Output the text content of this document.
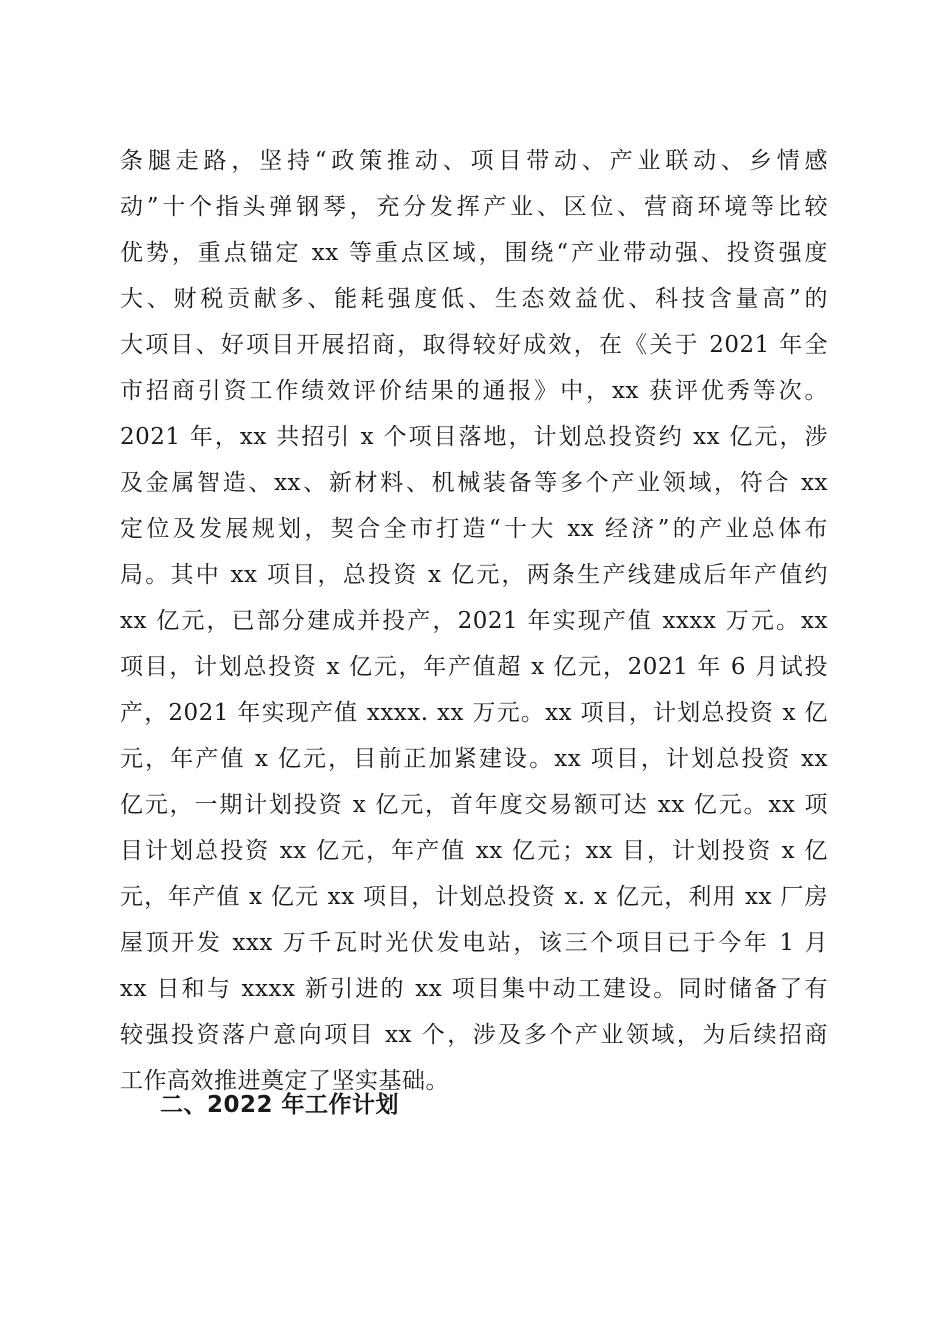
条腿走路，坚持“政策推动、项目带动、产业联动、乡情感
动”十个指头弹钢琴，充分发挥产业、区位、营商环境等比较
优势，重点锚定 xx 等重点区域，围绕“产业带动强、投资强度
大、财税贡献多、能耗强度低、生态效益优、科技含量高”的
大项目、好项目开展招商，取得较好成效，在《关于 2021 年全
市招商引资工作绩效评价结果的通报》中，xx 获评优秀等次。
2021 年，xx 共招引 x 个项目落地，计划总投资约 xx 亿元，涉
及金属智造、xx、新材料、机械装备等多个产业领域，符合 xx
定位及发展规划，契合全市打造“十大 xx 经济”的产业总体布
局。其中 xx 项目，总投资 x 亿元，两条生产线建成后年产值约
xx 亿元，已部分建成并投产，2021 年实现产值 xxxx 万元。xx
项目，计划总投资 x 亿元，年产值超 x 亿元，2021 年 6 月试投
产，2021 年实现产值 xxxx. xx 万元。xx 项目，计划总投资 x 亿
元，年产值 x 亿元，目前正加紧建设。xx 项目，计划总投资 xx
亿元，一期计划投资 x 亿元，首年度交易额可达 xx 亿元。xx 项
目计划总投资 xx 亿元，年产值 xx 亿元；xx 目，计划投资 x 亿
元，年产值 x 亿元 xx 项目，计划总投资 x. x 亿元，利用 xx 厂房
屋顶开发 xxx 万千瓦时光伏发电站，该三个项目已于今年 1 月
xx 日和与 xxxx 新引进的 xx 项目集中动工建设。同时储备了有
较强投资落户意向项目 xx 个，涉及多个产业领域，为后续招商
工作高效推进奠定了坚实基础。
二、2022 年工作计划
